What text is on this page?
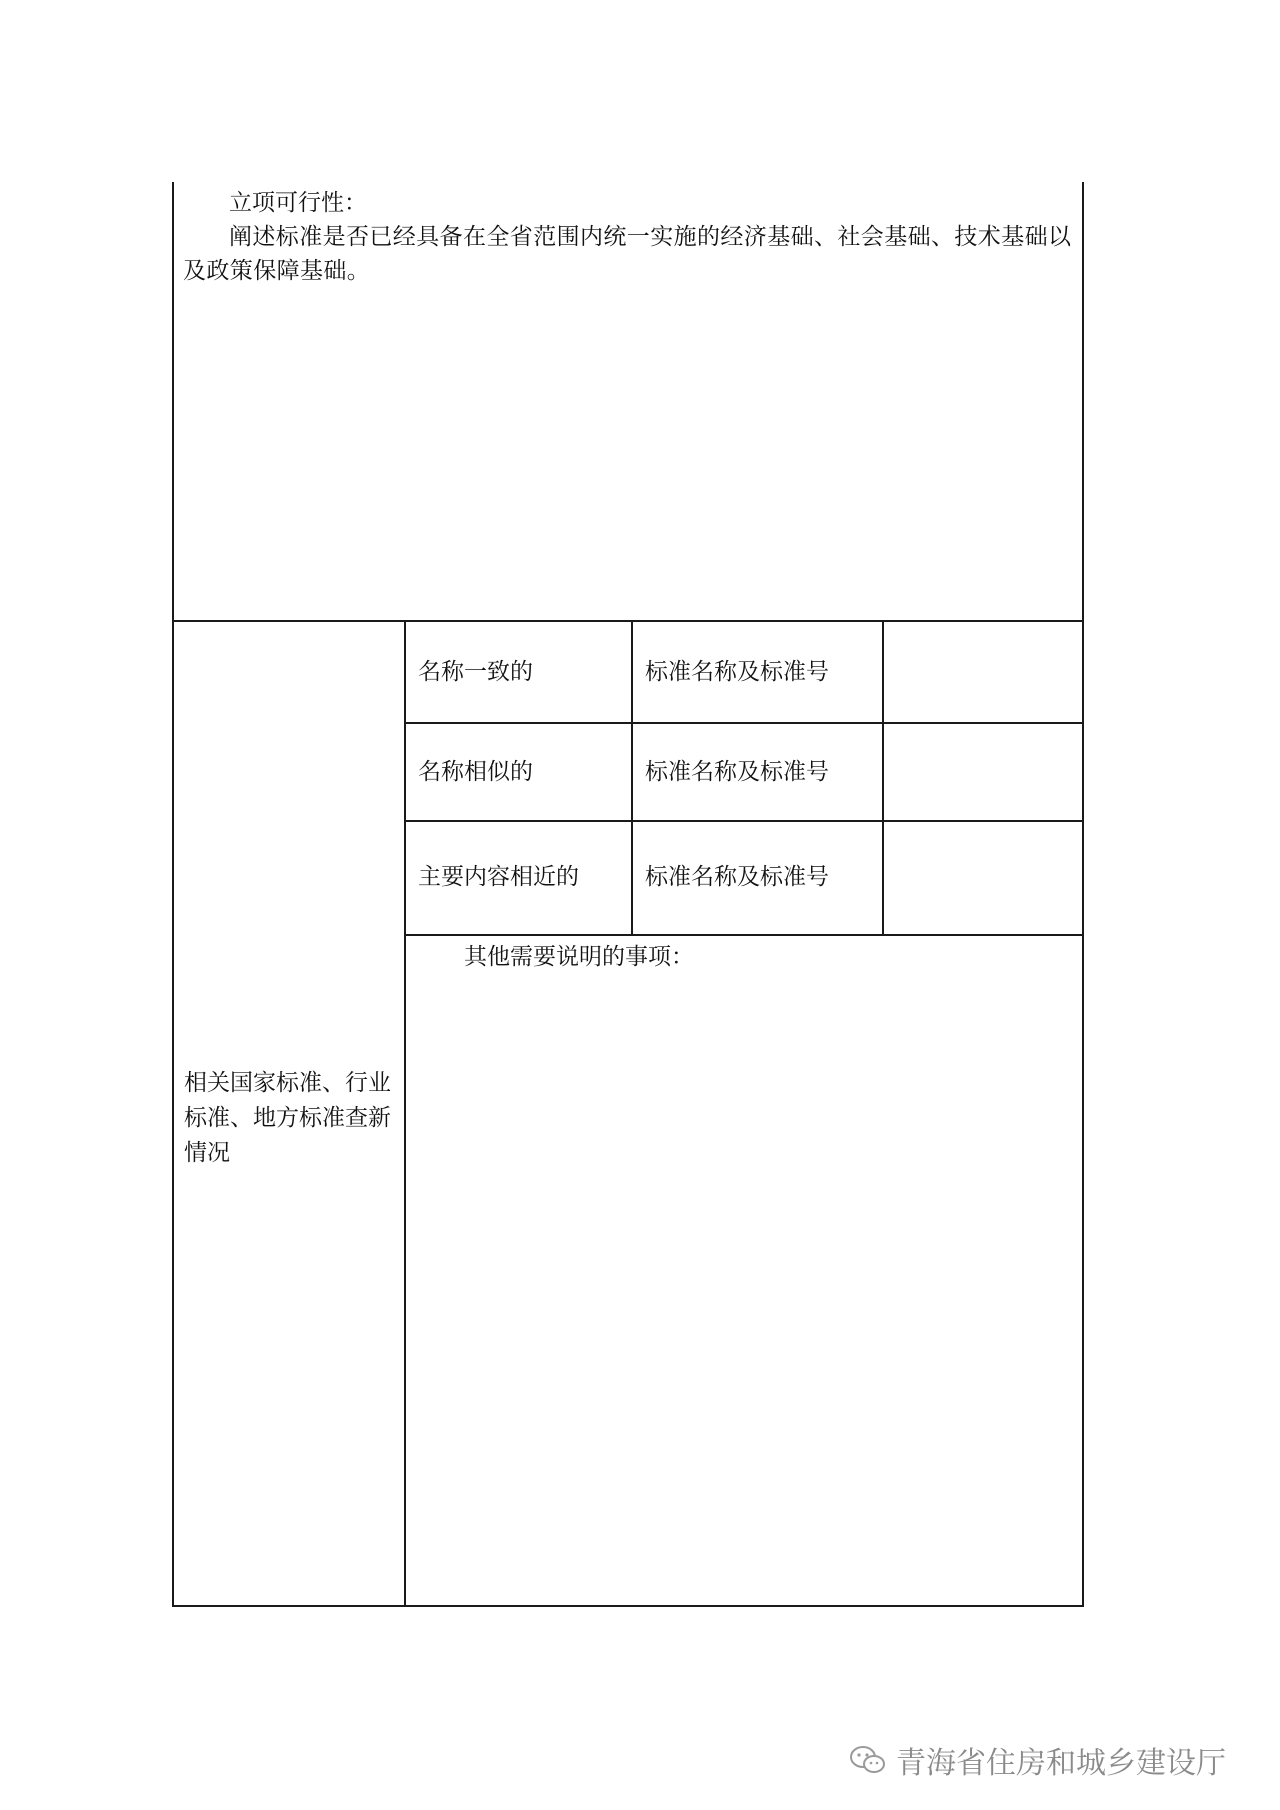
立项可行性：

阐述标准是否已经具备在全省范围内统一实施的经济基础、社会基础、技术基础以及政策保障基础。

相关国家标准、行业标准、地方标准查新情况
名称一致的	标准名称及标准号
名称相似的	标准名称及标准号
主要内容相近的	标准名称及标准号
其他需要说明的事项：
青海省住房和城乡建设厅
